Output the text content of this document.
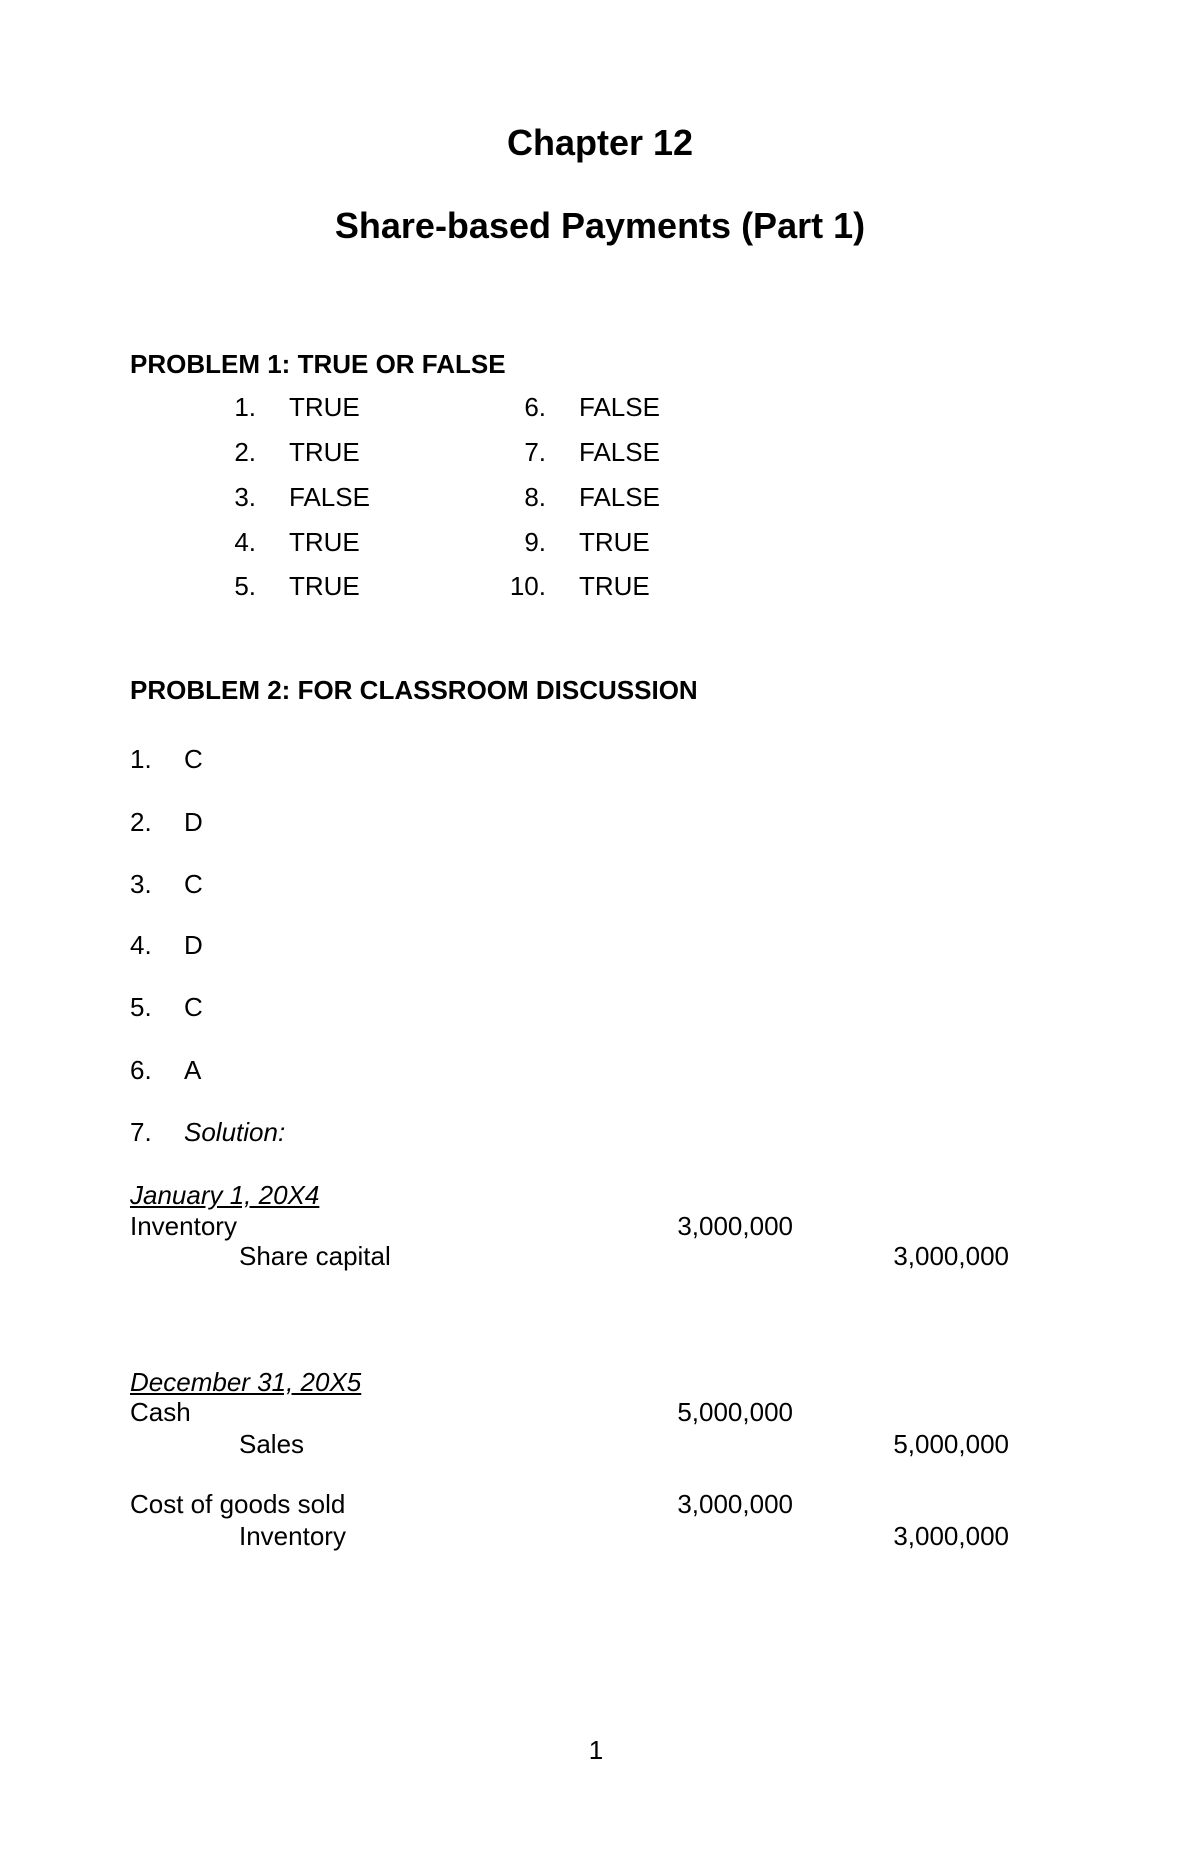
Chapter 12
Share-based Payments (Part 1)
PROBLEM 1: TRUE OR FALSE
1. TRUE
2. TRUE
3. FALSE
4. TRUE
5. TRUE
6. FALSE
7. FALSE
8. FALSE
9. TRUE
10. TRUE
PROBLEM 2: FOR CLASSROOM DISCUSSION
1. C
2. D
3. C
4. D
5. C
6. A
7. Solution:
January 1, 20X4
Inventory	3,000,000
Share capital	3,000,000
December 31, 20X5
Cash	5,000,000
Sales	5,000,000
Cost of goods sold	3,000,000
Inventory	3,000,000
1
